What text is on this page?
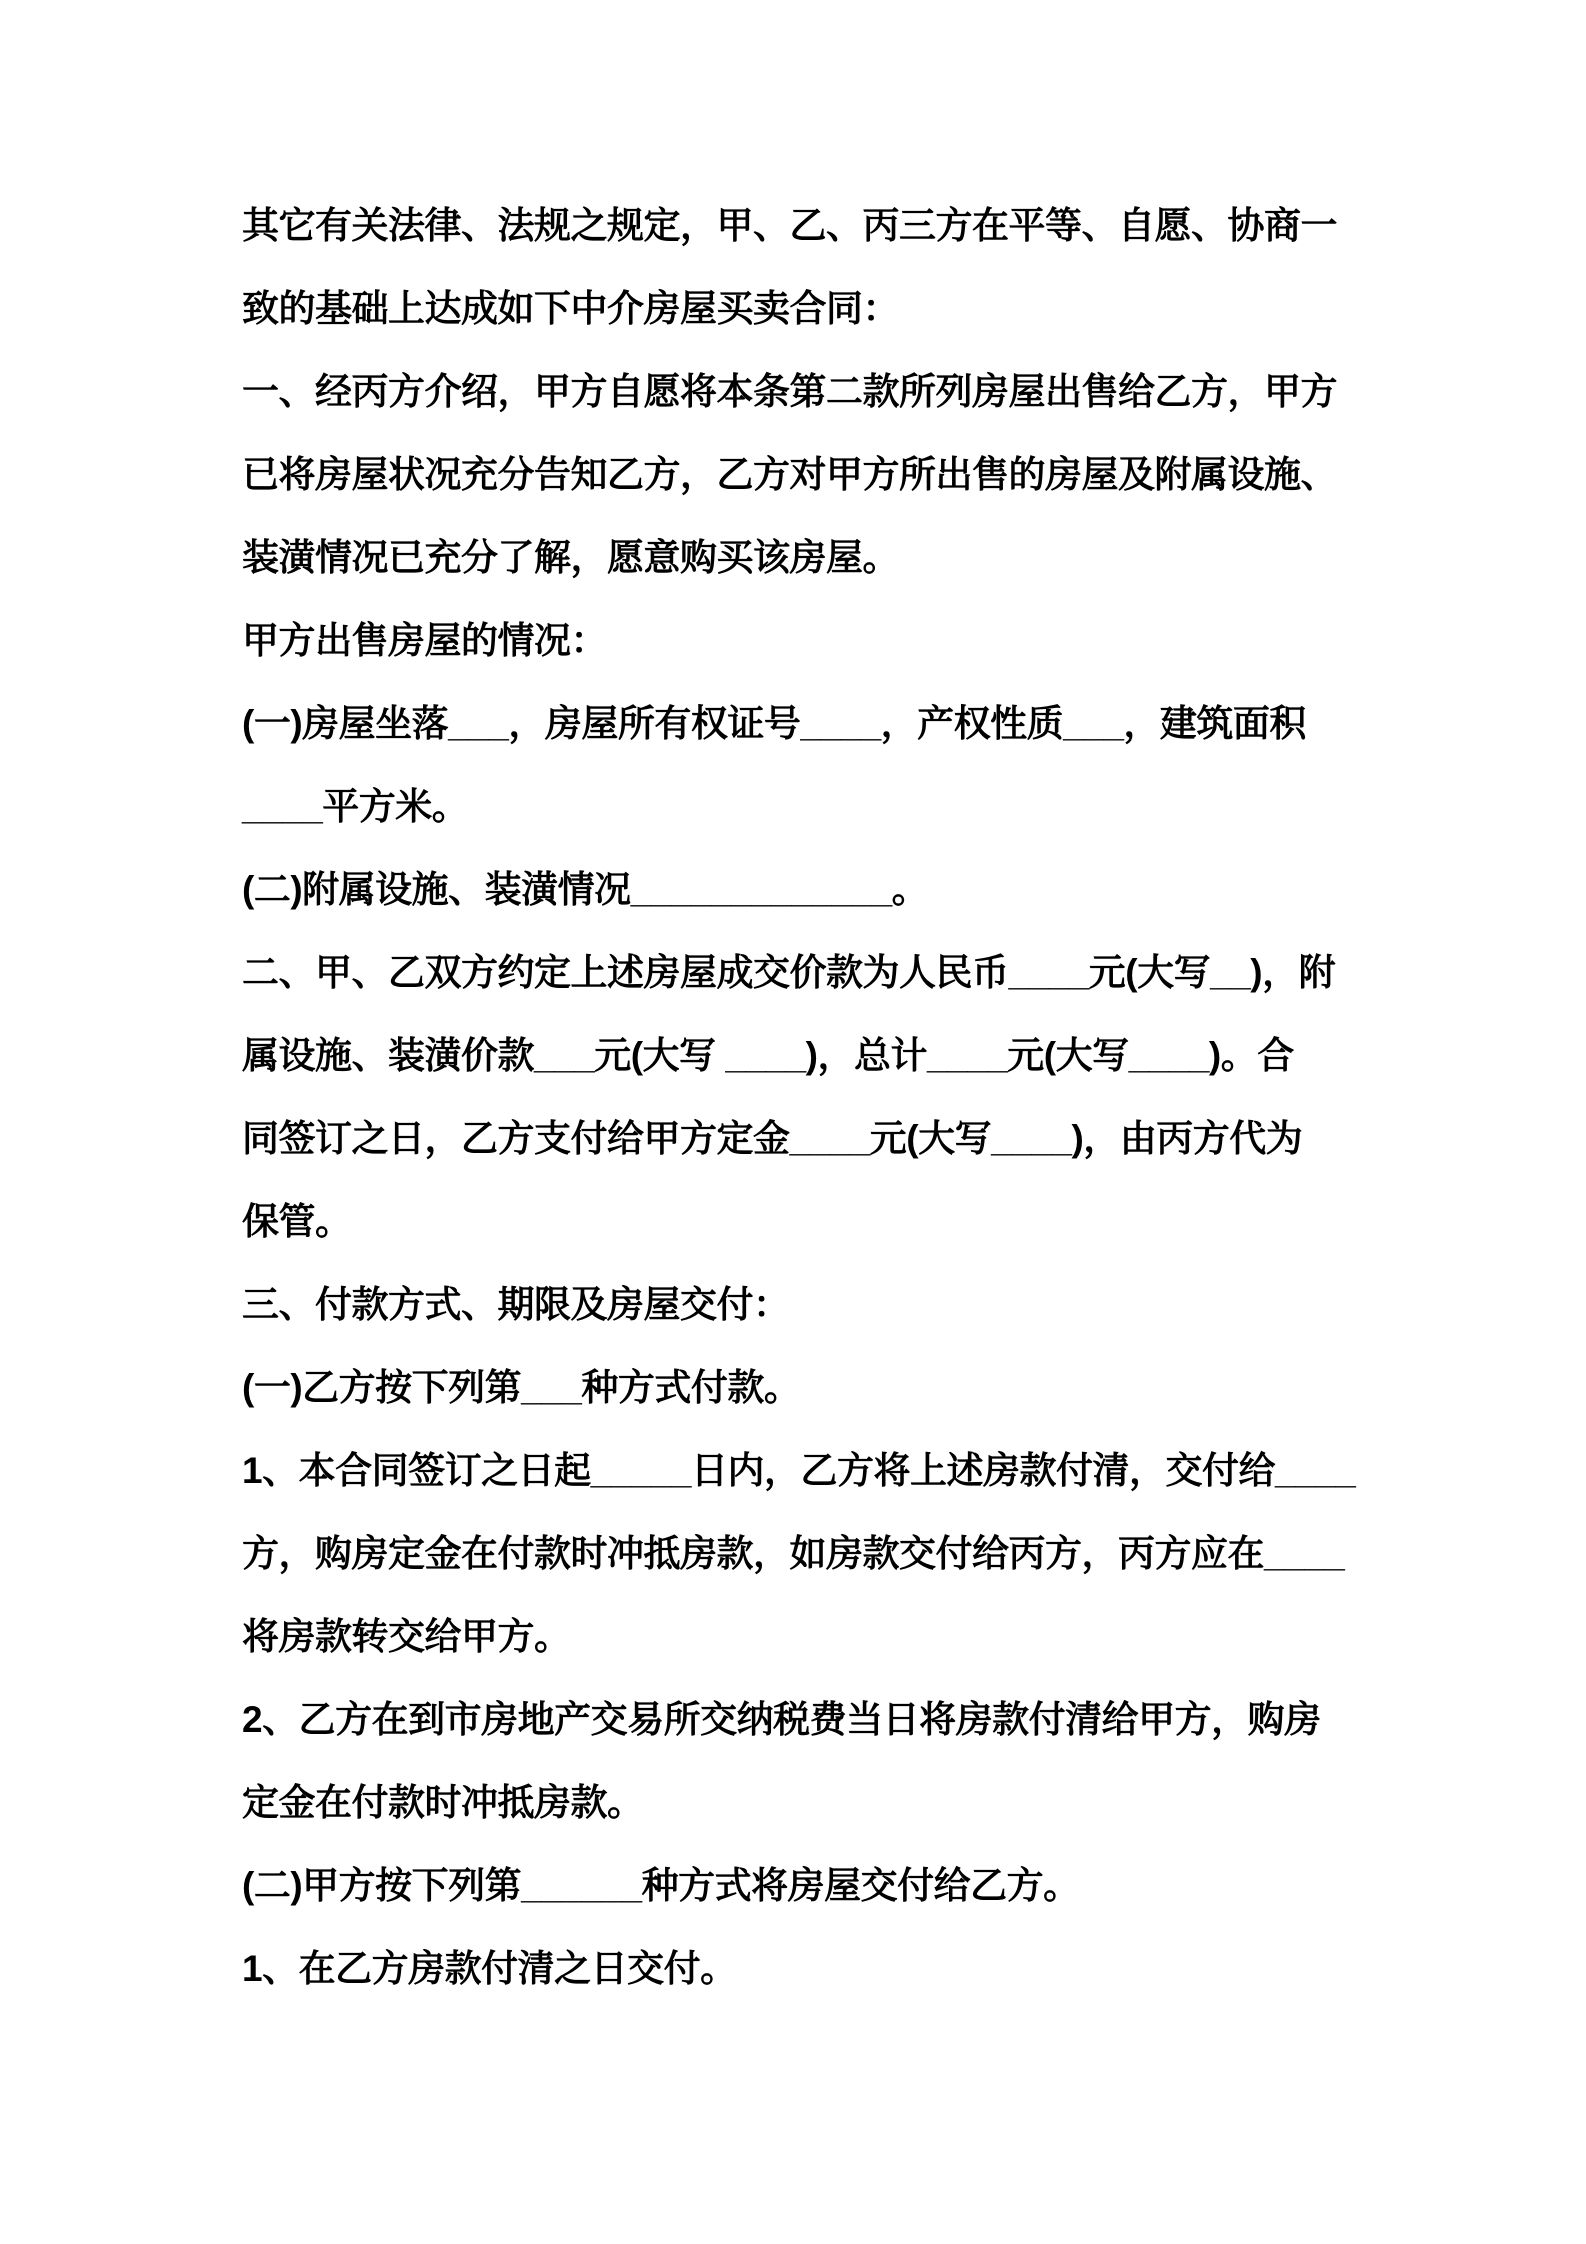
其它有关法律、法规之规定，甲、乙、丙三方在平等、自愿、协商一
致的基础上达成如下中介房屋买卖合同：
一、经丙方介绍，甲方自愿将本条第二款所列房屋出售给乙方，甲方
已将房屋状况充分告知乙方，乙方对甲方所出售的房屋及附属设施、
装潢情况已充分了解，愿意购买该房屋。
甲方出售房屋的情况：
(一)房屋坐落___，房屋所有权证号____，产权性质___，建筑面积
____平方米。
(二)附属设施、装潢情况_____________。
二、甲、乙双方约定上述房屋成交价款为人民币____元(大写__)，附
属设施、装潢价款___元(大写 ____)，总计____元(大写____)。合
同签订之日，乙方支付给甲方定金____元(大写____)，由丙方代为
保管。
三、付款方式、期限及房屋交付：
(一)乙方按下列第___种方式付款。
1、本合同签订之日起_____日内，乙方将上述房款付清，交付给____
方，购房定金在付款时冲抵房款，如房款交付给丙方，丙方应在____
将房款转交给甲方。
2、乙方在到市房地产交易所交纳税费当日将房款付清给甲方，购房
定金在付款时冲抵房款。
(二)甲方按下列第______种方式将房屋交付给乙方。
1、在乙方房款付清之日交付。
